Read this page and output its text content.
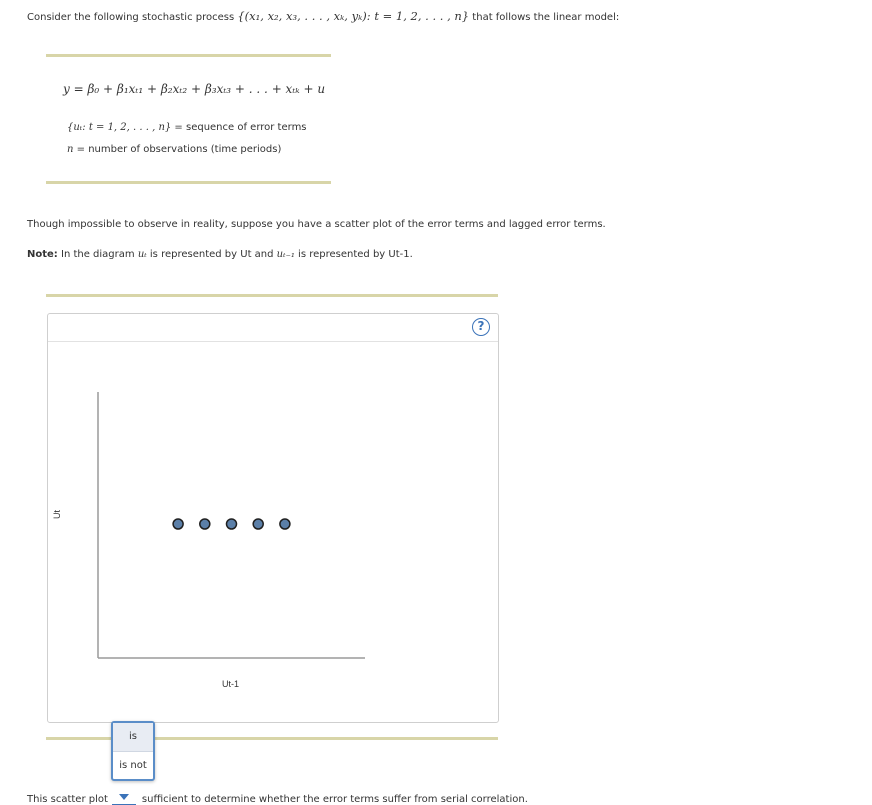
Consider the following stochastic process {(x₁, x₂, x₃, . . . , xₖ, yₖ): t = 1, 2, . . . , n} that follows the linear model:
y = β₀ + β₁xₜ₁ + β₂xₜ₂ + β₃xₜ₃ + . . . + xₜₖ + u
{uₜ: t = 1, 2, . . . , n} = sequence of error terms
n = number of observations (time periods)
Though impossible to observe in reality, suppose you have a scatter plot of the error terms and lagged error terms.
Note: In the diagram uₜ is represented by Ut and uₜ₋₁ is represented by Ut-1.
?
Ut
Ut-1
is
is not
This scatter plot	sufficient to determine whether the error terms suffer from serial correlation.
